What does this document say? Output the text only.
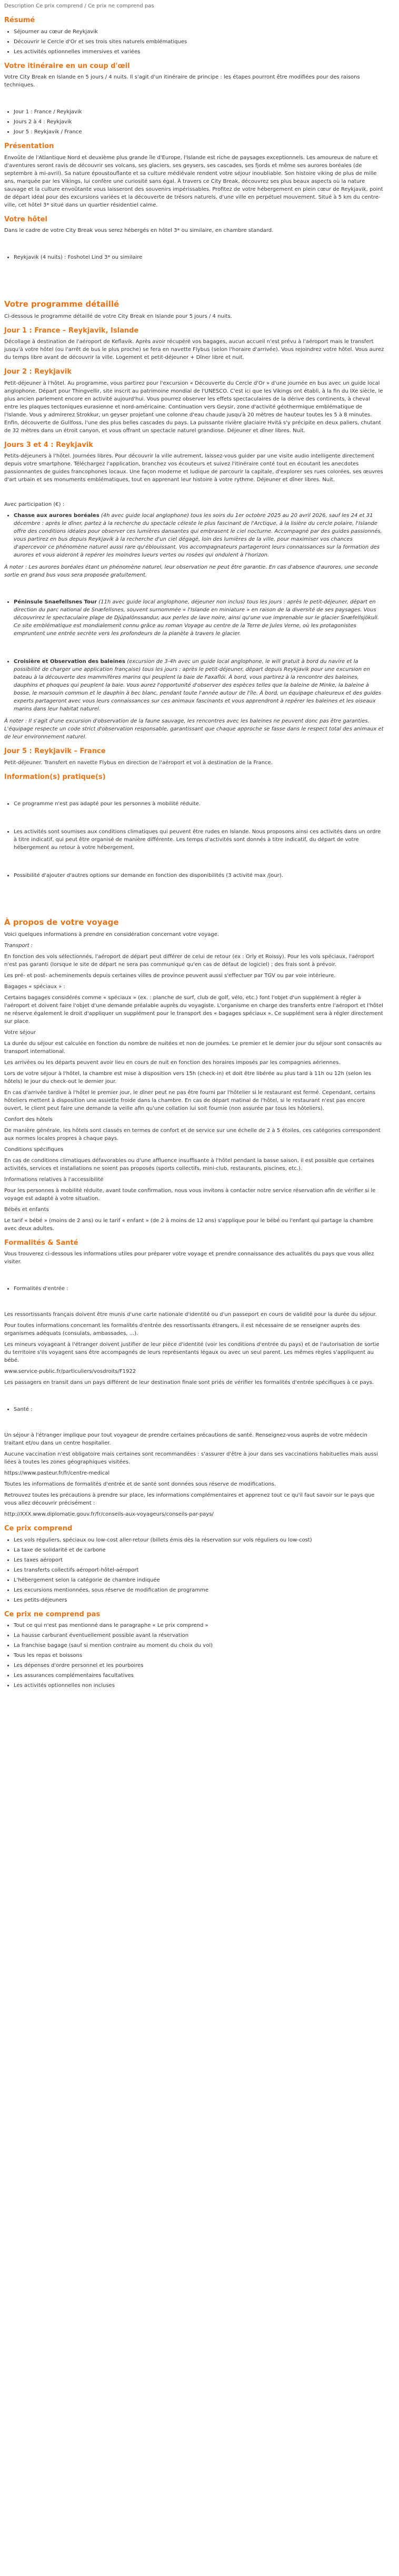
Description Ce prix comprend / Ce prix ne comprend pas
Résumé
• Séjourner au cœur de Reykjavik
• Découvrir le Cercle d'Or et ses trois sites naturels emblématiques
• Les activités optionnelles immersives et variées
Votre itinéraire en un coup d'œil

Votre City Break en Islande en 5 jours / 4 nuits. Il s'agit d'un itinéraire de principe : les étapes pourront être modifiées pour des raisons techniques.

• Jour 1 : France / Reykjavik
• Jours 2 à 4 : Reykjavik
• Jour 5 : Reykjavik / France
Présentation

Envoûte de l'Atlantique Nord et deuxième plus grande île d'Europe, l'Islande est riche de paysages exceptionnels. Les amoureux de nature et d'aventures seront ravis de découvrir ses volcans, ses glaciers, ses geysers, ses cascades, ses fjords et même ses aurores boréales (de septembre à mi-avril). Sa nature époustouflante et sa culture médiévale rendent votre séjour inoubliable. Son histoire viking de plus de mille ans, marquée par les Vikings, lui confère une curiosité sans égal. À travers ce City Break, découvrez ses plus beaux aspects où la nature sauvage et la culture envoûtante vous laisseront des souvenirs impérissables. Profitez de votre hébergement en plein cœur de Reykjavik, point de départ idéal pour des excursions variées et la découverte de trésors naturels, d'une ville en perpétuel mouvement. Situé à 5 km du centre-ville, cet hôtel 3* situé dans un quartier résidentiel calme.

Votre hôtel

Dans le cadre de votre City Break vous serez hébergés en hôtel 3* ou similaire, en chambre standard.

• Reykjavik (4 nuits) : Foshotel Lind 3* ou similaire
Votre programme détaillé

Ci-dessous le programme détaillé de votre City Break en Islande pour 5 jours / 4 nuits.

Jour 1 : France – Reykjavik, Islande

Décollage à destination de l'aéroport de Keflavik. Après avoir récupéré vos bagages, aucun accueil n'est prévu à l'aéroport mais le transfert jusqu'à votre hôtel (ou l'arrêt de bus le plus proche) se fera en navette Flybus (selon l'horaire d'arrivée). Vous rejoindrez votre hôtel. Vous aurez du temps libre avant de découvrir la ville. Logement et petit-déjeuner + Dîner libre et nuit.

Jour 2 : Reykjavik

Petit-déjeuner à l'hôtel. Au programme, vous partirez pour l'excursion « Découverte du Cercle d'Or » d'une journée en bus avec un guide local anglophone. Départ pour Thingvellir, site inscrit au patrimoine mondial de l'UNESCO. C'est ici que les Vikings ont établi, à la fin du IXe siècle, le plus ancien parlement encore en activité aujourd'hui. Vous pourrez observer les effets spectaculaires de la dérive des continents, à cheval entre les plaques tectoniques eurasienne et nord-américaine. Continuation vers Geysir, zone d'activité géothermique emblématique de l'Islande. Vous y admirerez Strokkur, un geyser projetant une colonne d'eau chaude jusqu'à 20 mètres de hauteur toutes les 5 à 8 minutes. Enfin, découverte de Gullfoss, l'une des plus belles cascades du pays. La puissante rivière glaciaire Hvitá s'y précipite en deux paliers, chutant de 32 mètres dans un étroit canyon, et vous offrant un spectacle naturel grandiose. Déjeuner et dîner libres. Nuit.

Jours 3 et 4 : Reykjavik

Petits-déjeuners à l'hôtel. Journées libres. Pour découvrir la ville autrement, laissez-vous guider par une visite audio intelligente directement depuis votre smartphone. Téléchargez l'application, branchez vos écouteurs et suivez l'itinéraire conté tout en écoutant les anecdotes passionnantes de guides francophones locaux. Une façon moderne et ludique de parcourir la capitale, d'explorer ses rues colorées, ses œuvres d'art urbain et ses monuments emblématiques, tout en apprenant leur histoire à votre rythme. Déjeuner et dîner libres. Nuit.

Avec participation (€) :

• Chasse aux aurores boréales (4h avec guide local anglophone) tous les soirs du 1er octobre 2025 au 20 avril 2026, sauf les 24 et 31 décembre : après le dîner, partez à la recherche du spectacle céleste le plus fascinant de l'Arctique, à la lisière du cercle polaire, l'Islande offre des conditions idéales pour observer ces lumières dansantes qui embrasent le ciel nocturne. Accompagné par des guides passionnés, vous partirez en bus depuis Reykjavik à la recherche d'un ciel dégagé, loin des lumières de la ville, pour maximiser vos chances d'apercevoir ce phénomène naturel aussi rare qu'éblouissant. Vos accompagnateurs partageront leurs connaissances sur la formation des aurores et vous aideront à repérer les moindres lueurs vertes ou rosées qui ondulent à l'horizon.

À noter : Les aurores boréales étant un phénomène naturel, leur observation ne peut être garantie. En cas d'absence d'aurores, une seconde sortie en grand bus vous sera proposée gratuitement.

• Péninsule Snaefellsnes Tour (11h avec guide local anglophone, déjeuner non inclus) tous les jours : après le petit-déjeuner, départ en direction du parc national de Snæfellsnes, souvent surnommée « l'Islande en miniature » en raison de la diversité de ses paysages. Vous découvrirez le spectaculaire plage de Djúpalónssandur, aux perles de lave noire, ainsi qu'une vue imprenable sur le glacier Snæfellsjökull. Ce site emblématique est mondialement connu grâce au roman Voyage au centre de la Terre de Jules Verne, où les protagonistes empruntent une entrée secrète vers les profondeurs de la planète à travers le glacier.
• Croisière et Observation des baleines (excursion de 3-4h avec un guide local anglophone, le will gratuit à bord du navire et la possibilité de charger une application française) tous les jours : après le petit-déjeuner, départ depuis Reykjavik pour une excursion en bateau à la découverte des mammifères marins qui peuplent la baie de Faxaflói. À bord, vous partirez à la rencontre des baleines, dauphins et phoques qui peuplent la baie. Vous aurez l'opportunité d'observer des espèces telles que la baleine de Minke, la baleine à bosse, le marsouin commun et le dauphin à bec blanc, pendant toute l'année autour de l'île. À bord, un équipage chaleureux et des guides experts partageront avec vous leurs connaissances sur ces animaux fascinants et vous apprendront à repérer les baleines et les oiseaux marins dans leur habitat naturel.

À noter : Il s'agit d'une excursion d'observation de la faune sauvage, les rencontres avec les baleines ne peuvent donc pas être garanties. L'équipage respecte un code strict d'observation responsable, garantissant que chaque approche se fasse dans le respect total des animaux et de leur environnement naturel.

Jour 5 : Reykjavik – France

Petit-déjeuner. Transfert en navette Flybus en direction de l'aéroport et vol à destination de la France.

Information(s) pratique(s)
• Ce programme n'est pas adapté pour les personnes à mobilité réduite.
• Les activités sont soumises aux conditions climatiques qui peuvent être rudes en Islande. Nous proposons ainsi ces activités dans un ordre à titre indicatif, qui peut être organisé de manière différente. Les temps d'activités sont donnés à titre indicatif, du départ de votre hébergement au retour à votre hébergement.
• Possibilité d'ajouter d'autres options sur demande en fonction des disponibilités (3 activité max /jour).
À propos de votre voyage

Voici quelques informations à prendre en considération concernant votre voyage.

Transport :

En fonction des vols sélectionnés, l'aéroport de départ peut différer de celui de retour (ex : Orly et Roissy). Pour les vols spéciaux, l'aéroport n'est pas garanti (lorsque le site de départ ne sera pas communiqué qu'en cas de défaut de logiciel) ; des frais sont à prévoir.

Les pré- et post- acheminements depuis certaines villes de province peuvent aussi s'effectuer par TGV ou par voie intérieure.

Bagages « spéciaux » :

Certains bagages considérés comme « spéciaux » (ex. : planche de surf, club de golf, vélo, etc.) font l'objet d'un supplément à régler à l'aéroport et doivent faire l'objet d'une demande préalable auprès du voyagiste. L'organisme en charge des transferts entre l'aéroport et l'hôtel ne réserve également le droit d'appliquer un supplément pour le transport des « bagages spéciaux ». Ce supplément sera à régler directement sur place.

Votre séjour

La durée du séjour est calculée en fonction du nombre de nuitées et non de journées. Le premier et le dernier jour du séjour sont consacrés au transport international.

Les arrivées ou les départs peuvent avoir lieu en cours de nuit en fonction des horaires imposés par les compagnies aériennes.

Lors de votre séjour à l'hôtel, la chambre est mise à disposition vers 15h (check-in) et doit être libérée au plus tard à 11h ou 12h (selon les hôtels) le jour du check-out le dernier jour.

En cas d'arrivée tardive à l'hôtel le premier jour, le dîner peut ne pas être fourni par l'hôtelier si le restaurant est fermé. Cependant, certains hôteliers mettent à disposition une assiette froide dans la chambre. En cas de départ matinal de l'hôtel, si le restaurant n'est pas encore ouvert, le client peut faire une demande la veille afin qu'une collation lui soit fournie (non assurée par tous les hôteliers).

Confort des hôtels

De manière générale, les hôtels sont classés en termes de confort et de service sur une échelle de 2 à 5 étoiles, ces catégories correspondent aux normes locales propres à chaque pays.

Conditions spécifiques

En cas de conditions climatiques défavorables ou d'une affluence insuffisante à l'hôtel pendant la basse saison, il est possible que certaines activités, services et installations ne soient pas proposés (sports collectifs, mini-club, restaurants, piscines, etc.).

Informations relatives à l'accessibilité

Pour les personnes à mobilité réduite, avant toute confirmation, nous vous invitons à contacter notre service réservation afin de vérifier si le voyage est adapté à votre situation.

Bébés et enfants

Le tarif « bébé » (moins de 2 ans) ou le tarif « enfant » (de 2 à moins de 12 ans) s'applique pour le bébé ou l'enfant qui partage la chambre avec deux adultes.

Formalités & Santé

Vous trouverez ci-dessous les informations utiles pour préparer votre voyage et prendre connaissance des actualités du pays que vous allez visiter.

• Formalités d'entrée :

Les ressortissants français doivent être munis d'une carte nationale d'identité ou d'un passeport en cours de validité pour la durée du séjour.

Pour toutes informations concernant les formalités d'entrée des ressortissants étrangers, il est nécessaire de se renseigner auprès des organismes adéquats (consulats, ambassades, ...).

Les mineurs voyageant à l'étranger doivent justifier de leur pièce d'identité (voir les conditions d'entrée du pays) et de l'autorisation de sortie du territoire s'ils voyagent sans être accompagnés de leurs représentants légaux ou avec un seul parent. Les mêmes règles s'appliquent au bébé.

www.service-public.fr/particuliers/vosdroits/F1922

Les passagers en transit dans un pays différent de leur destination finale sont priés de vérifier les formalités d'entrée spécifiques à ce pays.

• Santé :

Un séjour à l'étranger implique pour tout voyageur de prendre certaines précautions de santé. Renseignez-vous auprès de votre médecin traitant et/ou dans un centre hospitalier.

Aucune vaccination n'est obligatoire mais certaines sont recommandées : s'assurer d'être à jour dans ses vaccinations habituelles mais aussi liées à toutes les zones géographiques visitées.

https://www.pasteur.fr/fr/centre-medical

Toutes les informations de formalités d'entrée et de santé sont données sous réserve de modifications.

Retrouvez toutes les précautions à prendre sur place, les informations complémentaires et apprenez tout ce qu'il faut savoir sur le pays que vous allez découvrir précisément :

http://XXX.www.diplomatie.gouv.fr/fr/conseils-aux-voyageurs/conseils-par-pays/

Ce prix comprend
• Les vols réguliers, spéciaux ou low-cost aller-retour (billets émis dès la réservation sur vols réguliers ou low-cost)
• La taxe de solidarité et de carbone
• Les taxes aéroport
• Les transferts collectifs aéroport-hôtel-aéroport
• L'hébergement selon la catégorie de chambre indiquée
• Les excursions mentionnées, sous réserve de modification de programme
• Les petits-déjeuners
Ce prix ne comprend pas
• Tout ce qui n'est pas mentionné dans le paragraphe « Le prix comprend »
• La hausse carburant éventuellement possible avant la réservation
• La franchise bagage (sauf si mention contraire au moment du choix du vol)
• Tous les repas et boissons
• Les dépenses d'ordre personnel et les pourboires
• Les assurances complémentaires facultatives
• Les activités optionnelles non incluses
